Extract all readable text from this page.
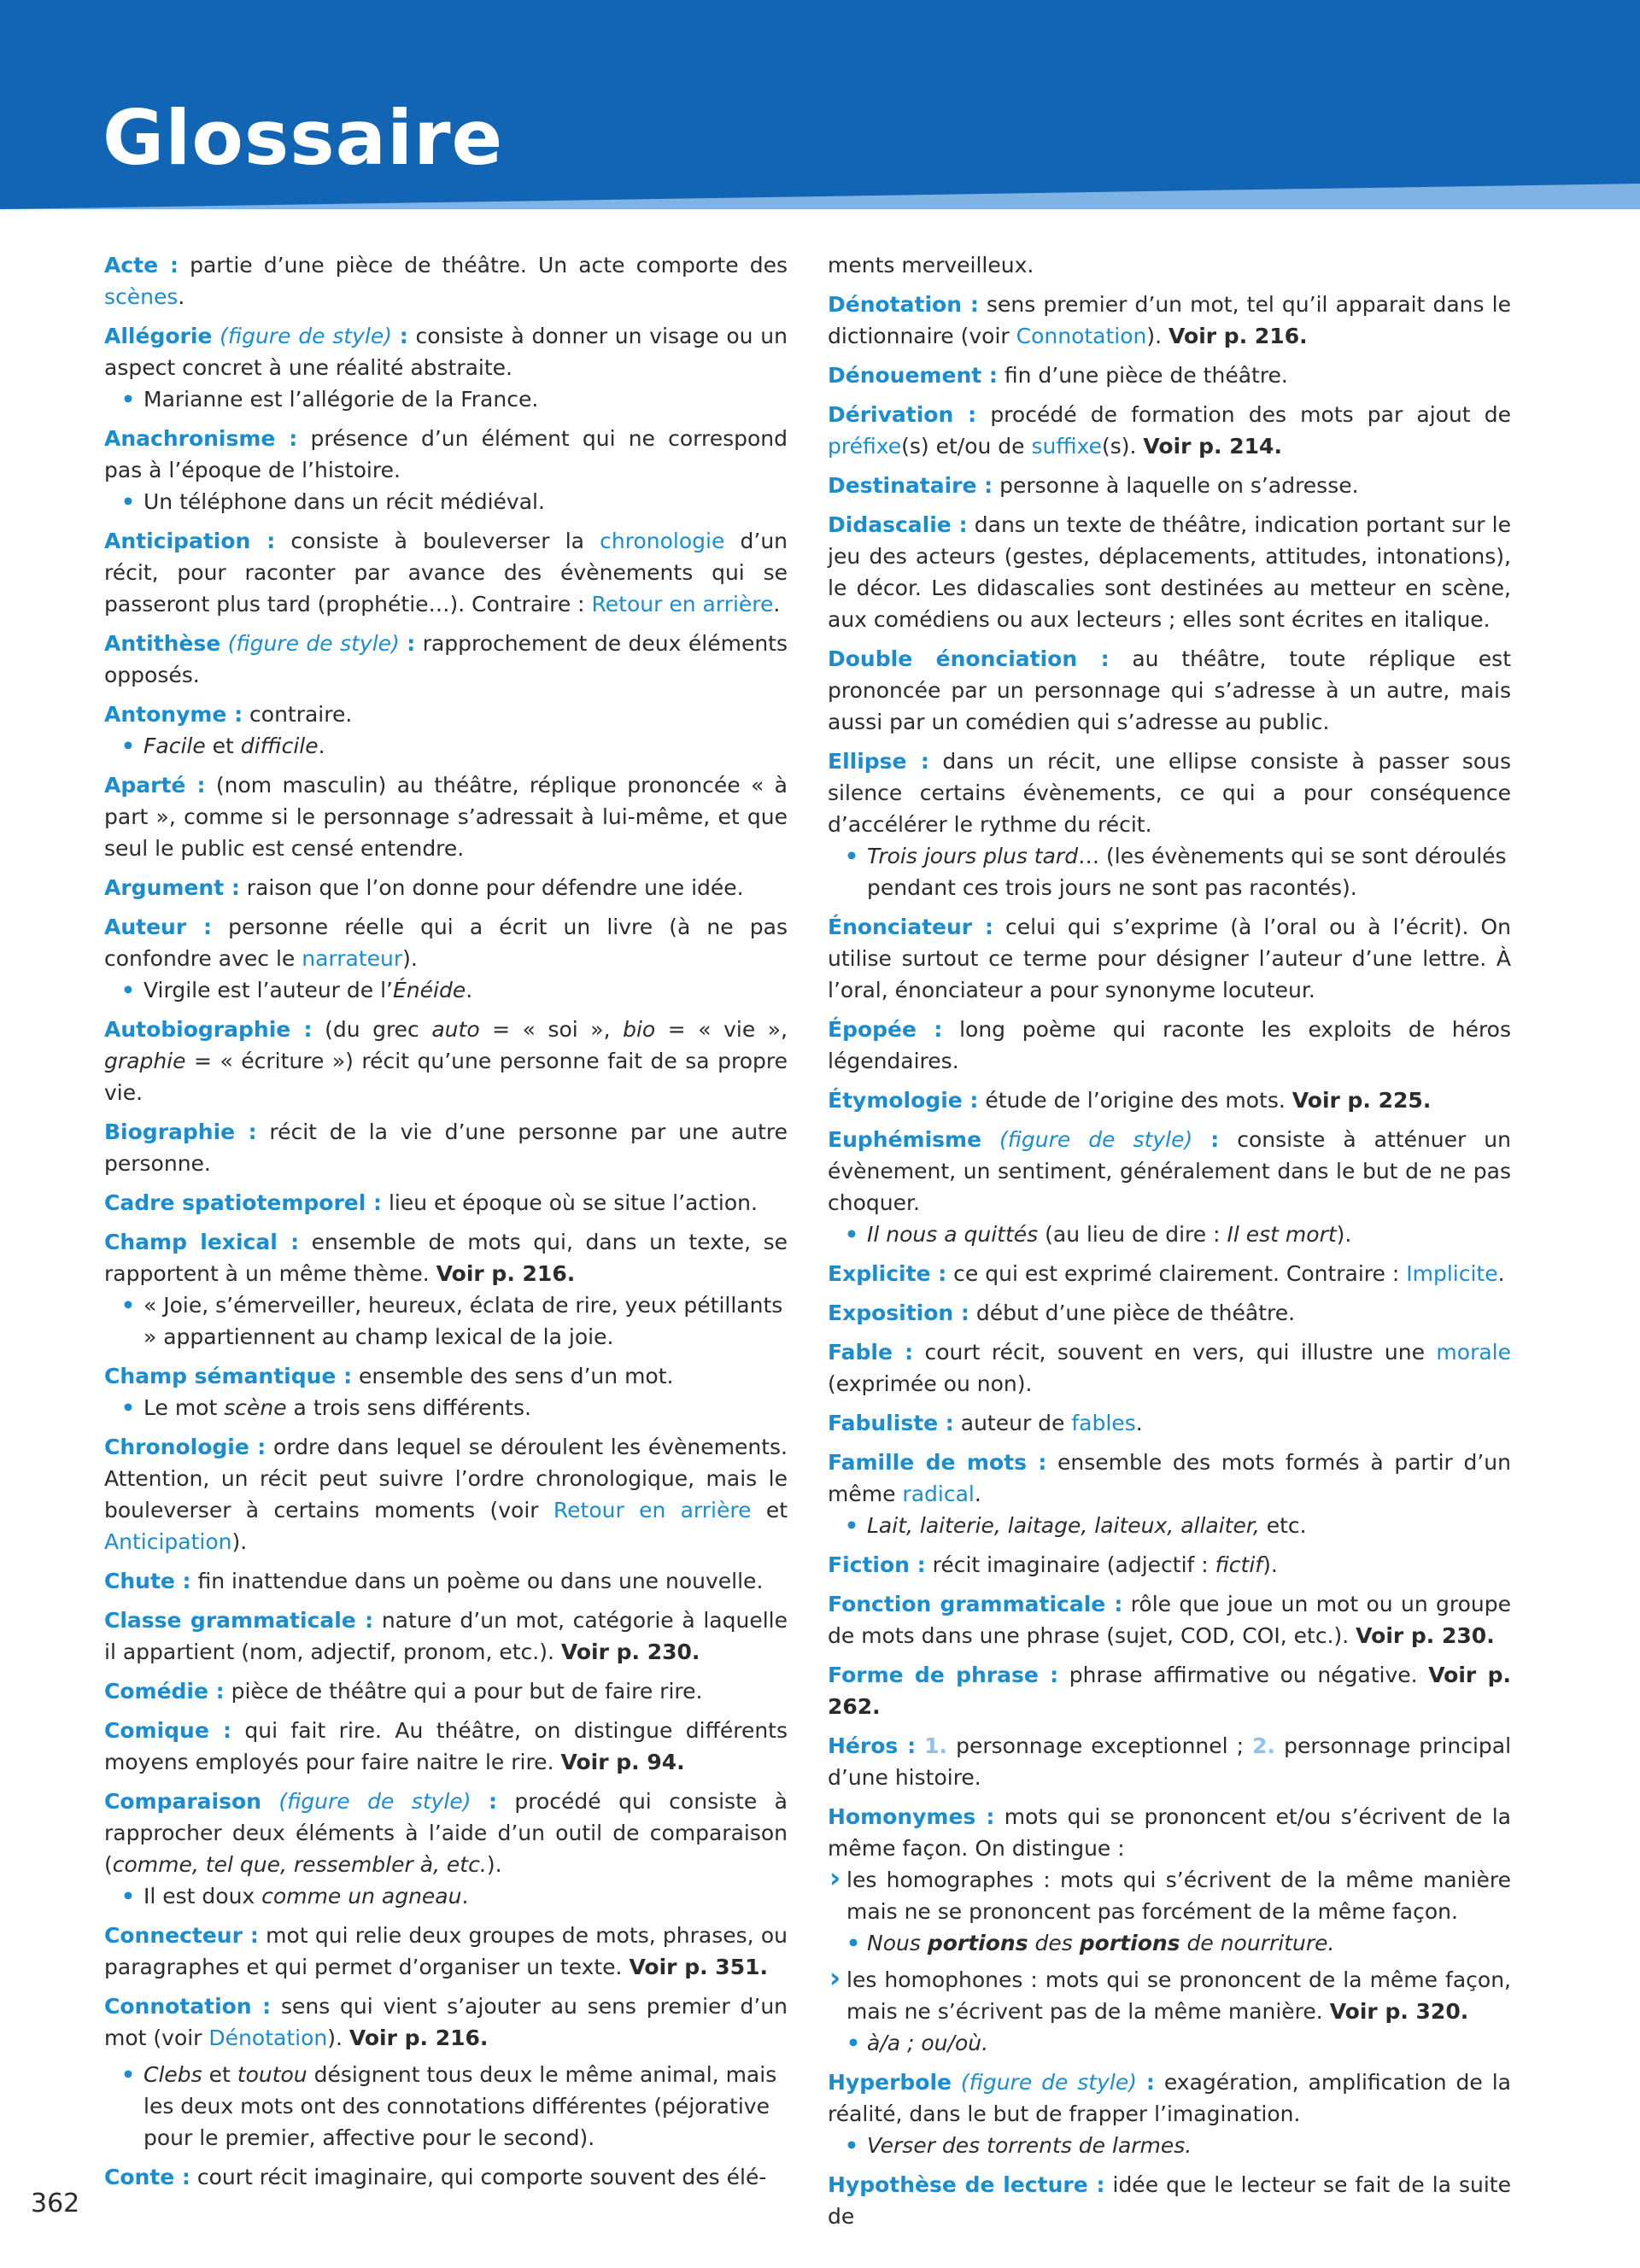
Glossaire

Acte : partie d’une pièce de théâtre. Un acte comporte des scènes.

Allégorie (figure de style) : consiste à donner un visage ou un aspect concret à une réalité abstraite.

• Marianne est l’allégorie de la France.

Anachronisme : présence d’un élément qui ne correspond pas à l’époque de l’histoire.

• Un téléphone dans un récit médiéval.

Anticipation : consiste à bouleverser la chronologie d’un récit, pour raconter par avance des évènements qui se passeront plus tard (prophétie…). Contraire : Retour en arrière.

Antithèse (figure de style) : rapprochement de deux éléments opposés.

Antonyme : contraire.

• Facile et difficile.

Aparté : (nom masculin) au théâtre, réplique prononcée « à part », comme si le personnage s’adressait à lui-même, et que seul le public est censé entendre.

Argument : raison que l’on donne pour défendre une idée.

Auteur : personne réelle qui a écrit un livre (à ne pas confondre avec le narrateur).

• Virgile est l’auteur de l’Énéide.

Autobiographie : (du grec auto = « soi », bio = « vie », graphie = « écriture ») récit qu’une personne fait de sa propre vie.

Biographie : récit de la vie d’une personne par une autre personne.

Cadre spatiotemporel : lieu et époque où se situe l’action.

Champ lexical : ensemble de mots qui, dans un texte, se rapportent à un même thème. Voir p. 216.

• « Joie, s’émerveiller, heureux, éclata de rire, yeux pétillants » appartiennent au champ lexical de la joie.

Champ sémantique : ensemble des sens d’un mot.

• Le mot scène a trois sens différents.

Chronologie : ordre dans lequel se déroulent les évènements. Attention, un récit peut suivre l’ordre chronologique, mais le bouleverser à certains moments (voir Retour en arrière et Anticipation).

Chute : fin inattendue dans un poème ou dans une nouvelle.

Classe grammaticale : nature d’un mot, catégorie à laquelle il appartient (nom, adjectif, pronom, etc.). Voir p. 230.

Comédie : pièce de théâtre qui a pour but de faire rire.

Comique : qui fait rire. Au théâtre, on distingue différents moyens employés pour faire naitre le rire. Voir p. 94.

Comparaison (figure de style) : procédé qui consiste à rapprocher deux éléments à l’aide d’un outil de comparaison (comme, tel que, ressembler à, etc.).

• Il est doux comme un agneau.

Connecteur : mot qui relie deux groupes de mots, phrases, ou paragraphes et qui permet d’organiser un texte. Voir p. 351.

Connotation : sens qui vient s’ajouter au sens premier d’un mot (voir Dénotation). Voir p. 216.

• Clebs et toutou désignent tous deux le même animal, mais les deux mots ont des connotations différentes (péjorative pour le premier, affective pour le second).

Conte : court récit imaginaire, qui comporte souvent des élé-

ments merveilleux.

Dénotation : sens premier d’un mot, tel qu’il apparait dans le dictionnaire (voir Connotation). Voir p. 216.

Dénouement : fin d’une pièce de théâtre.

Dérivation : procédé de formation des mots par ajout de préfixe(s) et/ou de suffixe(s). Voir p. 214.

Destinataire : personne à laquelle on s’adresse.

Didascalie : dans un texte de théâtre, indication portant sur le jeu des acteurs (gestes, déplacements, attitudes, intonations), le décor. Les didascalies sont destinées au metteur en scène, aux comédiens ou aux lecteurs ; elles sont écrites en italique.

Double énonciation : au théâtre, toute réplique est prononcée par un personnage qui s’adresse à un autre, mais aussi par un comédien qui s’adresse au public.

Ellipse : dans un récit, une ellipse consiste à passer sous silence certains évènements, ce qui a pour conséquence d’accélérer le rythme du récit.

• Trois jours plus tard… (les évènements qui se sont déroulés pendant ces trois jours ne sont pas racontés).

Énonciateur : celui qui s’exprime (à l’oral ou à l’écrit). On utilise surtout ce terme pour désigner l’auteur d’une lettre. À l’oral, énonciateur a pour synonyme locuteur.

Épopée : long poème qui raconte les exploits de héros légendaires.

Étymologie : étude de l’origine des mots. Voir p. 225.

Euphémisme (figure de style) : consiste à atténuer un évènement, un sentiment, généralement dans le but de ne pas choquer.

• Il nous a quittés (au lieu de dire : Il est mort).

Explicite : ce qui est exprimé clairement. Contraire : Implicite.

Exposition : début d’une pièce de théâtre.

Fable : court récit, souvent en vers, qui illustre une morale (exprimée ou non).

Fabuliste : auteur de fables.

Famille de mots : ensemble des mots formés à partir d’un même radical.

• Lait, laiterie, laitage, laiteux, allaiter, etc.

Fiction : récit imaginaire (adjectif : fictif).

Fonction grammaticale : rôle que joue un mot ou un groupe de mots dans une phrase (sujet, COD, COI, etc.). Voir p. 230.

Forme de phrase : phrase affirmative ou négative. Voir p. 262.

Héros : 1. personnage exceptionnel ; 2. personnage principal d’une histoire.

Homonymes : mots qui se prononcent et/ou s’écrivent de la même façon. On distingue :

› les homographes : mots qui s’écrivent de la même manière mais ne se prononcent pas forcément de la même façon.

• Nous portions des portions de nourriture.

› les homophones : mots qui se prononcent de la même façon, mais ne s’écrivent pas de la même manière. Voir p. 320.

• à/a ; ou/où.

Hyperbole (figure de style) : exagération, amplification de la réalité, dans le but de frapper l’imagination.

• Verser des torrents de larmes.

Hypothèse de lecture : idée que le lecteur se fait de la suite de

362
